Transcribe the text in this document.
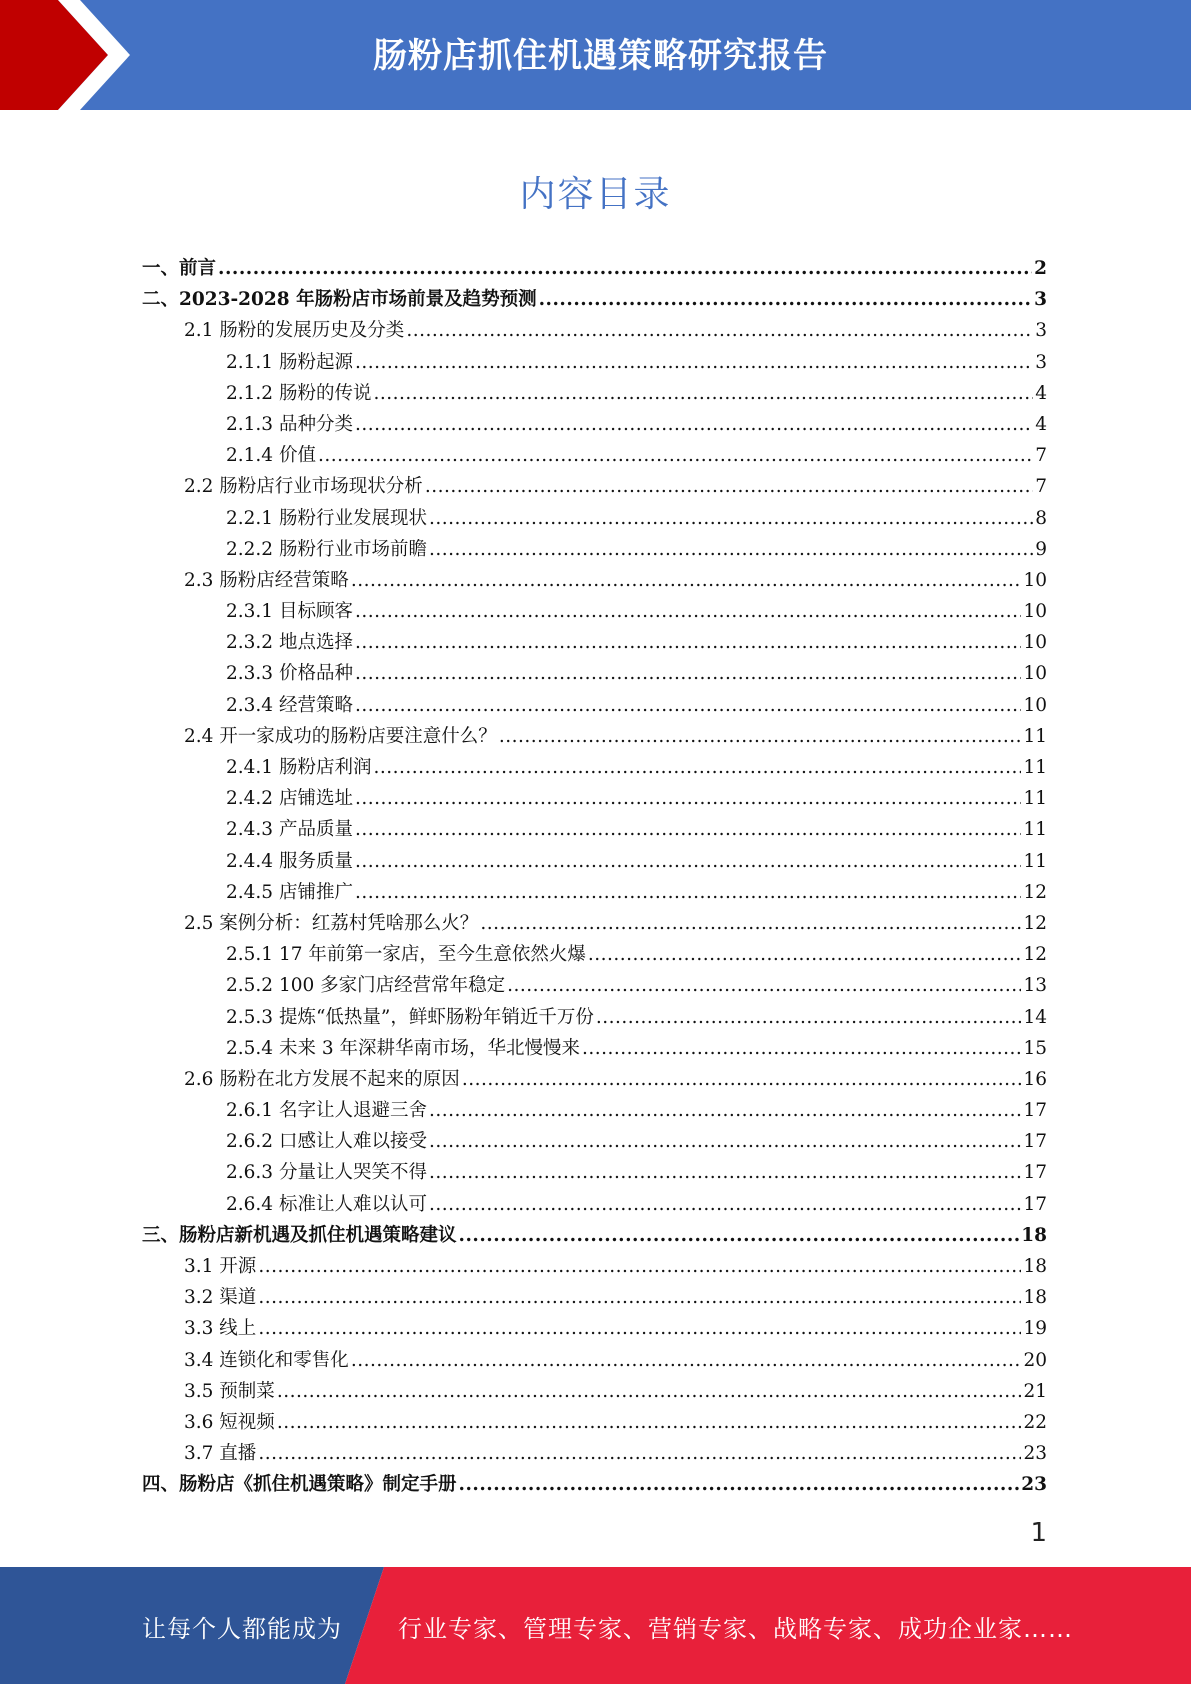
肠粉店抓住机遇策略研究报告
内容目录
一、前言 .....	2
二、2023-2028 年肠粉店市场前景及趋势预测 .....	3
2.1 肠粉的发展历史及分类 .....	3
2.1.1 肠粉起源 .....	3
2.1.2 肠粉的传说 .....	4
2.1.3 品种分类 .....	4
2.1.4 价值 .....	7
2.2 肠粉店行业市场现状分析 .....	7
2.2.1 肠粉行业发展现状 .....	8
2.2.2 肠粉行业市场前瞻 .....	9
2.3 肠粉店经营策略 .....	10
2.3.1 目标顾客 .....	10
2.3.2 地点选择 .....	10
2.3.3 价格品种 .....	10
2.3.4 经营策略 .....	10
2.4 开一家成功的肠粉店要注意什么？ .....	11
2.4.1 肠粉店利润 .....	11
2.4.2 店铺选址 .....	11
2.4.3 产品质量 .....	11
2.4.4 服务质量 .....	11
2.4.5 店铺推广 .....	12
2.5 案例分析：红荔村凭啥那么火？ .....	12
2.5.1 17 年前第一家店，至今生意依然火爆 .....	12
2.5.2 100 多家门店经营常年稳定 .....	13
2.5.3 提炼“低热量”，鲜虾肠粉年销近千万份 .....	14
2.5.4 未来 3 年深耕华南市场，华北慢慢来 .....	15
2.6 肠粉在北方发展不起来的原因 .....	16
2.6.1 名字让人退避三舍 .....	17
2.6.2 口感让人难以接受 .....	17
2.6.3 分量让人哭笑不得 .....	17
2.6.4 标准让人难以认可 .....	17
三、肠粉店新机遇及抓住机遇策略建议 .....	18
3.1 开源 .....	18
3.2 渠道 .....	18
3.3 线上 .....	19
3.4 连锁化和零售化 .....	20
3.5 预制菜 .....	21
3.6 短视频 .....	22
3.7 直播 .....	23
四、肠粉店《抓住机遇策略》制定手册 .....	23
1
让每个人都能成为 行业专家、管理专家、营销专家、战略专家、成功企业家……
